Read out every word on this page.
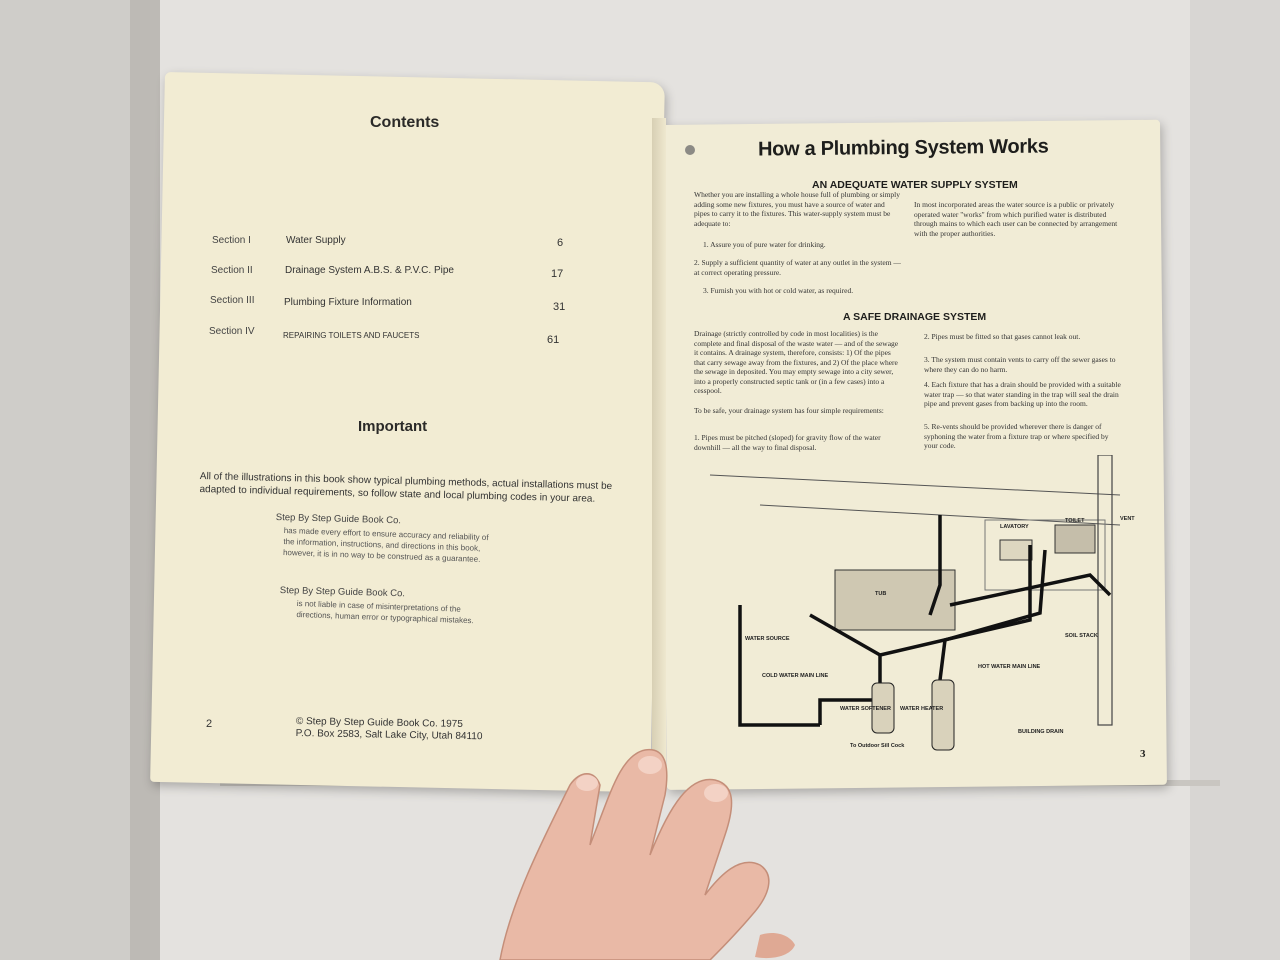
Contents
Section I	Water Supply	6
Section II	Drainage System A.B.S. & P.V.C. Pipe	17
Section III	Plumbing Fixture Information	31
Section IV	REPAIRING TOILETS AND FAUCETS	61
Important
All of the illustrations in this book show typical plumbing methods, actual installations must be adapted to individual requirements, so follow state and local plumbing codes in your area.
Step By Step Guide Book Co.
has made every effort to ensure accuracy and reliability of the information, instructions, and directions in this book, however, it is in no way to be construed as a guarantee.
Step By Step Guide Book Co.
is not liable in case of misinterpretations of the directions, human error or typographical mistakes.
2	© Step By Step Guide Book Co. 1975
P.O. Box 2583, Salt Lake City, Utah 84110
How a Plumbing System Works
AN ADEQUATE WATER SUPPLY SYSTEM
Whether you are installing a whole house full of plumbing or simply adding some new fixtures, you must have a source of water and pipes to carry it to the fixtures. This water-supply system must be adequate to:
1. Assure you of pure water for drinking.
2. Supply a sufficient quantity of water at any outlet in the system — at correct operating pressure.
3. Furnish you with hot or cold water, as required.
In most incorporated areas the water source is a public or privately operated water "works" from which purified water is distributed through mains to which each user can be connected by arrangement with the proper authorities.
A SAFE DRAINAGE SYSTEM
Drainage (strictly controlled by code in most localities) is the complete and final disposal of the waste water — and of the sewage it contains. A drainage system, therefore, consists: 1) Of the pipes that carry sewage away from the fixtures, and 2) Of the place where the sewage in deposited. You may empty sewage into a city sewer, into a properly constructed septic tank or (in a few cases) into a cesspool.
To be safe, your drainage system has four simple requirements:
1. Pipes must be pitched (sloped) for gravity flow of the water downhill — all the way to final disposal.
2. Pipes must be fitted so that gases cannot leak out.
3. The system must contain vents to carry off the sewer gases to where they can do no harm.
4. Each fixture that has a drain should be provided with a suitable water trap — so that water standing in the trap will seal the drain pipe and prevent gases from backing up into the room.
5. Re-vents should be provided wherever there is danger of syphoning the water from a fixture trap or where specified by your code.
VENT
LAVATORY
TOILET
TUB
WATER SOURCE	SOIL STACK
COLD WATER MAIN LINE
HOT WATER MAIN LINE
WATER SOFTENER WATER HEATER
To Outdoor Sill Cock
BUILDING DRAIN
3
